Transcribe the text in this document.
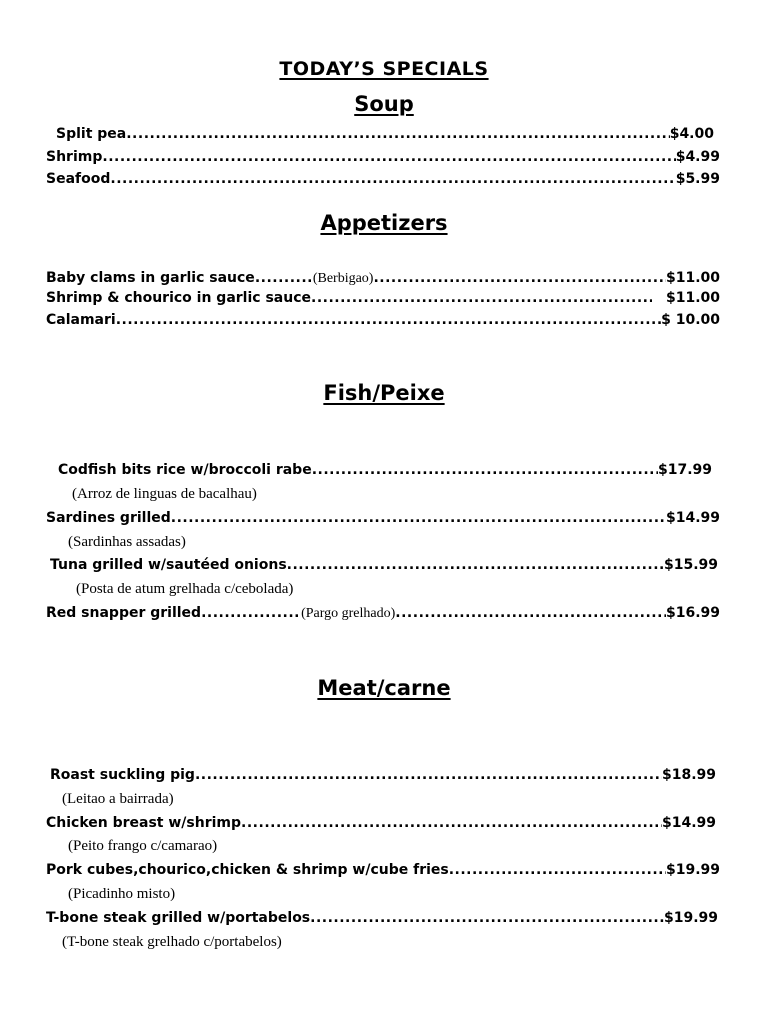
TODAY’S SPECIALS
Soup
Split pea .....	$4.00
Shrimp .....	$4.99
Seafood .....	$5.99
Appetizers
Baby clams in garlic sauce .....	(Berbigao) .....	$11.00
Shrimp & chourico in garlic sauce .....	$11.00
Calamari .....	$ 10.00
Fish/Peixe
Codfish bits rice w/broccoli rabe .....	$17.99
(Arroz de linguas de bacalhau)
Sardines grilled .....	$14.99
(Sardinhas assadas)
Tuna grilled w/sautéed onions .....	$15.99
(Posta de atum grelhada c/cebolada)
Red snapper grilled .....	(Pargo grelhado) .....	$16.99
Meat/carne
Roast suckling pig .....	$18.99
(Leitao a bairrada)
Chicken breast w/shrimp .....	$14.99
(Peito frango c/camarao)
Pork cubes,chourico,chicken & shrimp w/cube fries .....	$19.99
(Picadinho misto)
T-bone steak grilled w/portabelos .....	$19.99
(T-bone steak grelhado c/portabelos)
